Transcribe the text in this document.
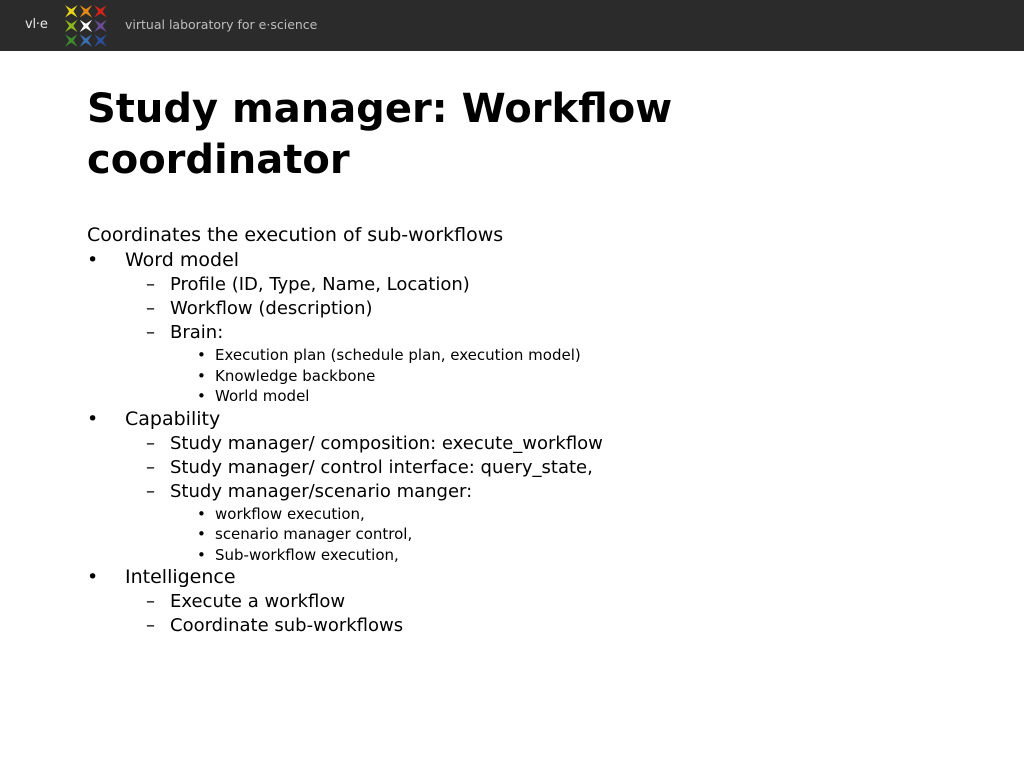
vl·e	virtual laboratory for e·science
Study manager: Workflow coordinator
Coordinates the execution of sub-workflows
• Word model
– Profile (ID, Type, Name, Location)
– Workflow (description)
– Brain:
• Execution plan (schedule plan, execution model)
• Knowledge backbone
• World model
• Capability
– Study manager/ composition: execute_workflow
– Study manager/ control interface: query_state,
– Study manager/scenario manger:
• workflow execution,
• scenario manager control,
• Sub-workflow execution,
• Intelligence
– Execute a workflow
– Coordinate sub-workflows
